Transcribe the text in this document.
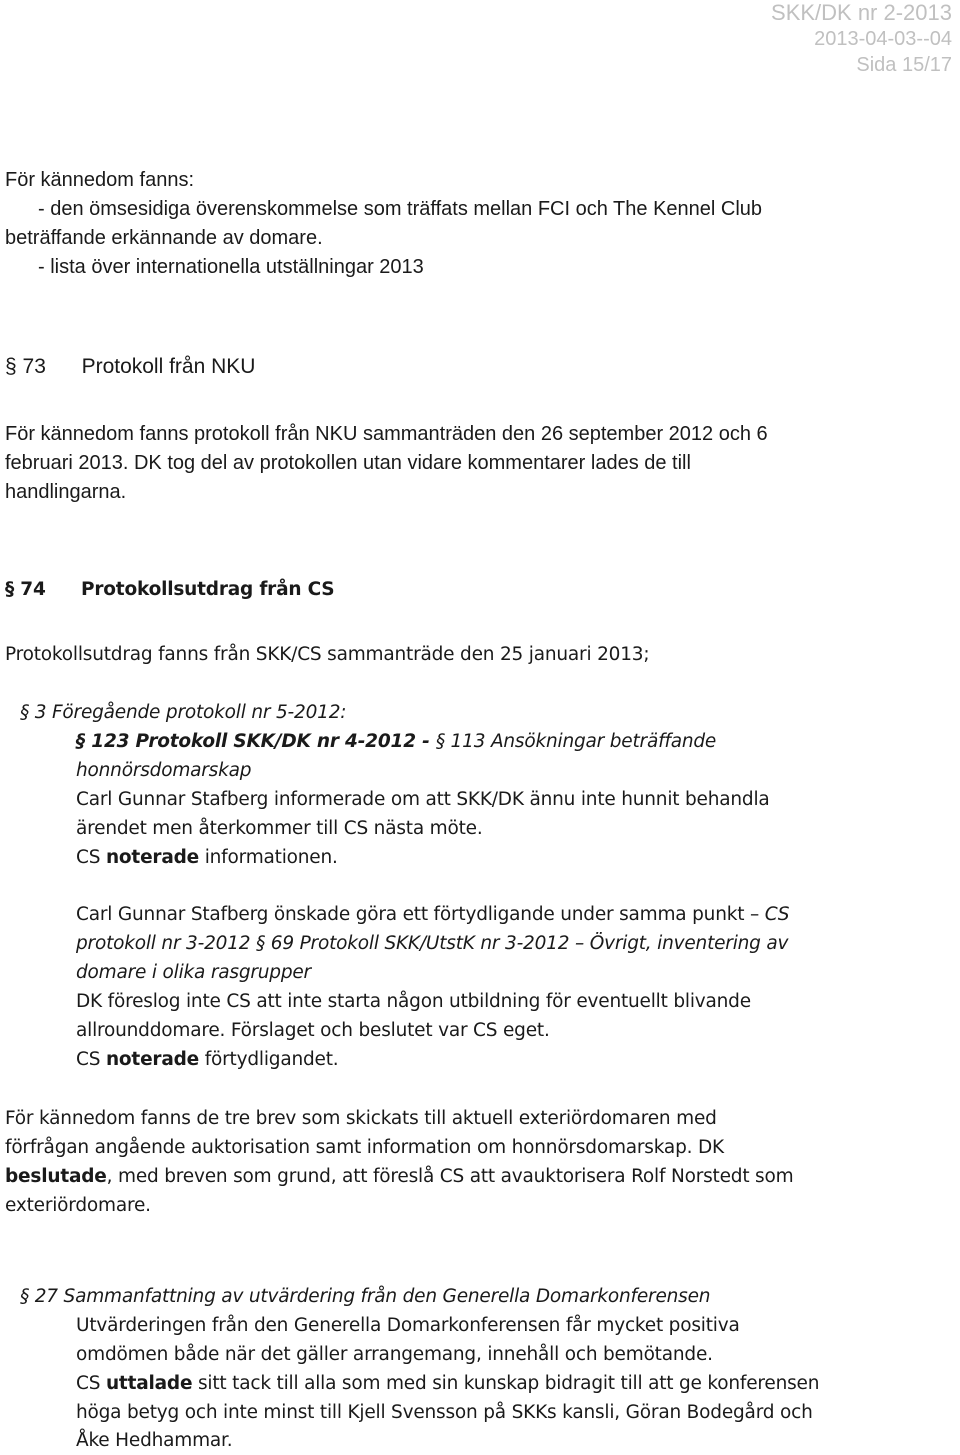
SKK/DK nr 2-2013
2013-04-03--04
Sida 15/17
För kännedom fanns:
- den ömsesidiga överenskommelse som träffats mellan FCI och The Kennel Club
beträffande erkännande av domare.
- lista över internationella utställningar 2013
§ 73 Protokoll från NKU
För kännedom fanns protokoll från NKU sammanträden den 26 september 2012 och 6
februari 2013. DK tog del av protokollen utan vidare kommentarer lades de till
handlingarna.
§ 74 Protokollsutdrag från CS
Protokollsutdrag fanns från SKK/CS sammanträde den 25 januari 2013;
§ 3 Föregående protokoll nr 5-2012:
§ 123 Protokoll SKK/DK nr 4-2012 - § 113 Ansökningar beträffande
honnörsdomarskap
Carl Gunnar Stafberg informerade om att SKK/DK ännu inte hunnit behandla
ärendet men återkommer till CS nästa möte.
CS noterade informationen.
Carl Gunnar Stafberg önskade göra ett förtydligande under samma punkt – CS
protokoll nr 3-2012 § 69 Protokoll SKK/UtstK nr 3-2012 – Övrigt, inventering av
domare i olika rasgrupper
DK föreslog inte CS att inte starta någon utbildning för eventuellt blivande
allrounddomare. Förslaget och beslutet var CS eget.
CS noterade förtydligandet.
För kännedom fanns de tre brev som skickats till aktuell exteriördomaren med
förfrågan angående auktorisation samt information om honnörsdomarskap. DK
beslutade, med breven som grund, att föreslå CS att avauktorisera Rolf Norstedt som
exteriördomare.
§ 27 Sammanfattning av utvärdering från den Generella Domarkonferensen
Utvärderingen från den Generella Domarkonferensen får mycket positiva
omdömen både när det gäller arrangemang, innehåll och bemötande.
CS uttalade sitt tack till alla som med sin kunskap bidragit till att ge konferensen
höga betyg och inte minst till Kjell Svensson på SKKs kansli, Göran Bodegård och
Åke Hedhammar.
